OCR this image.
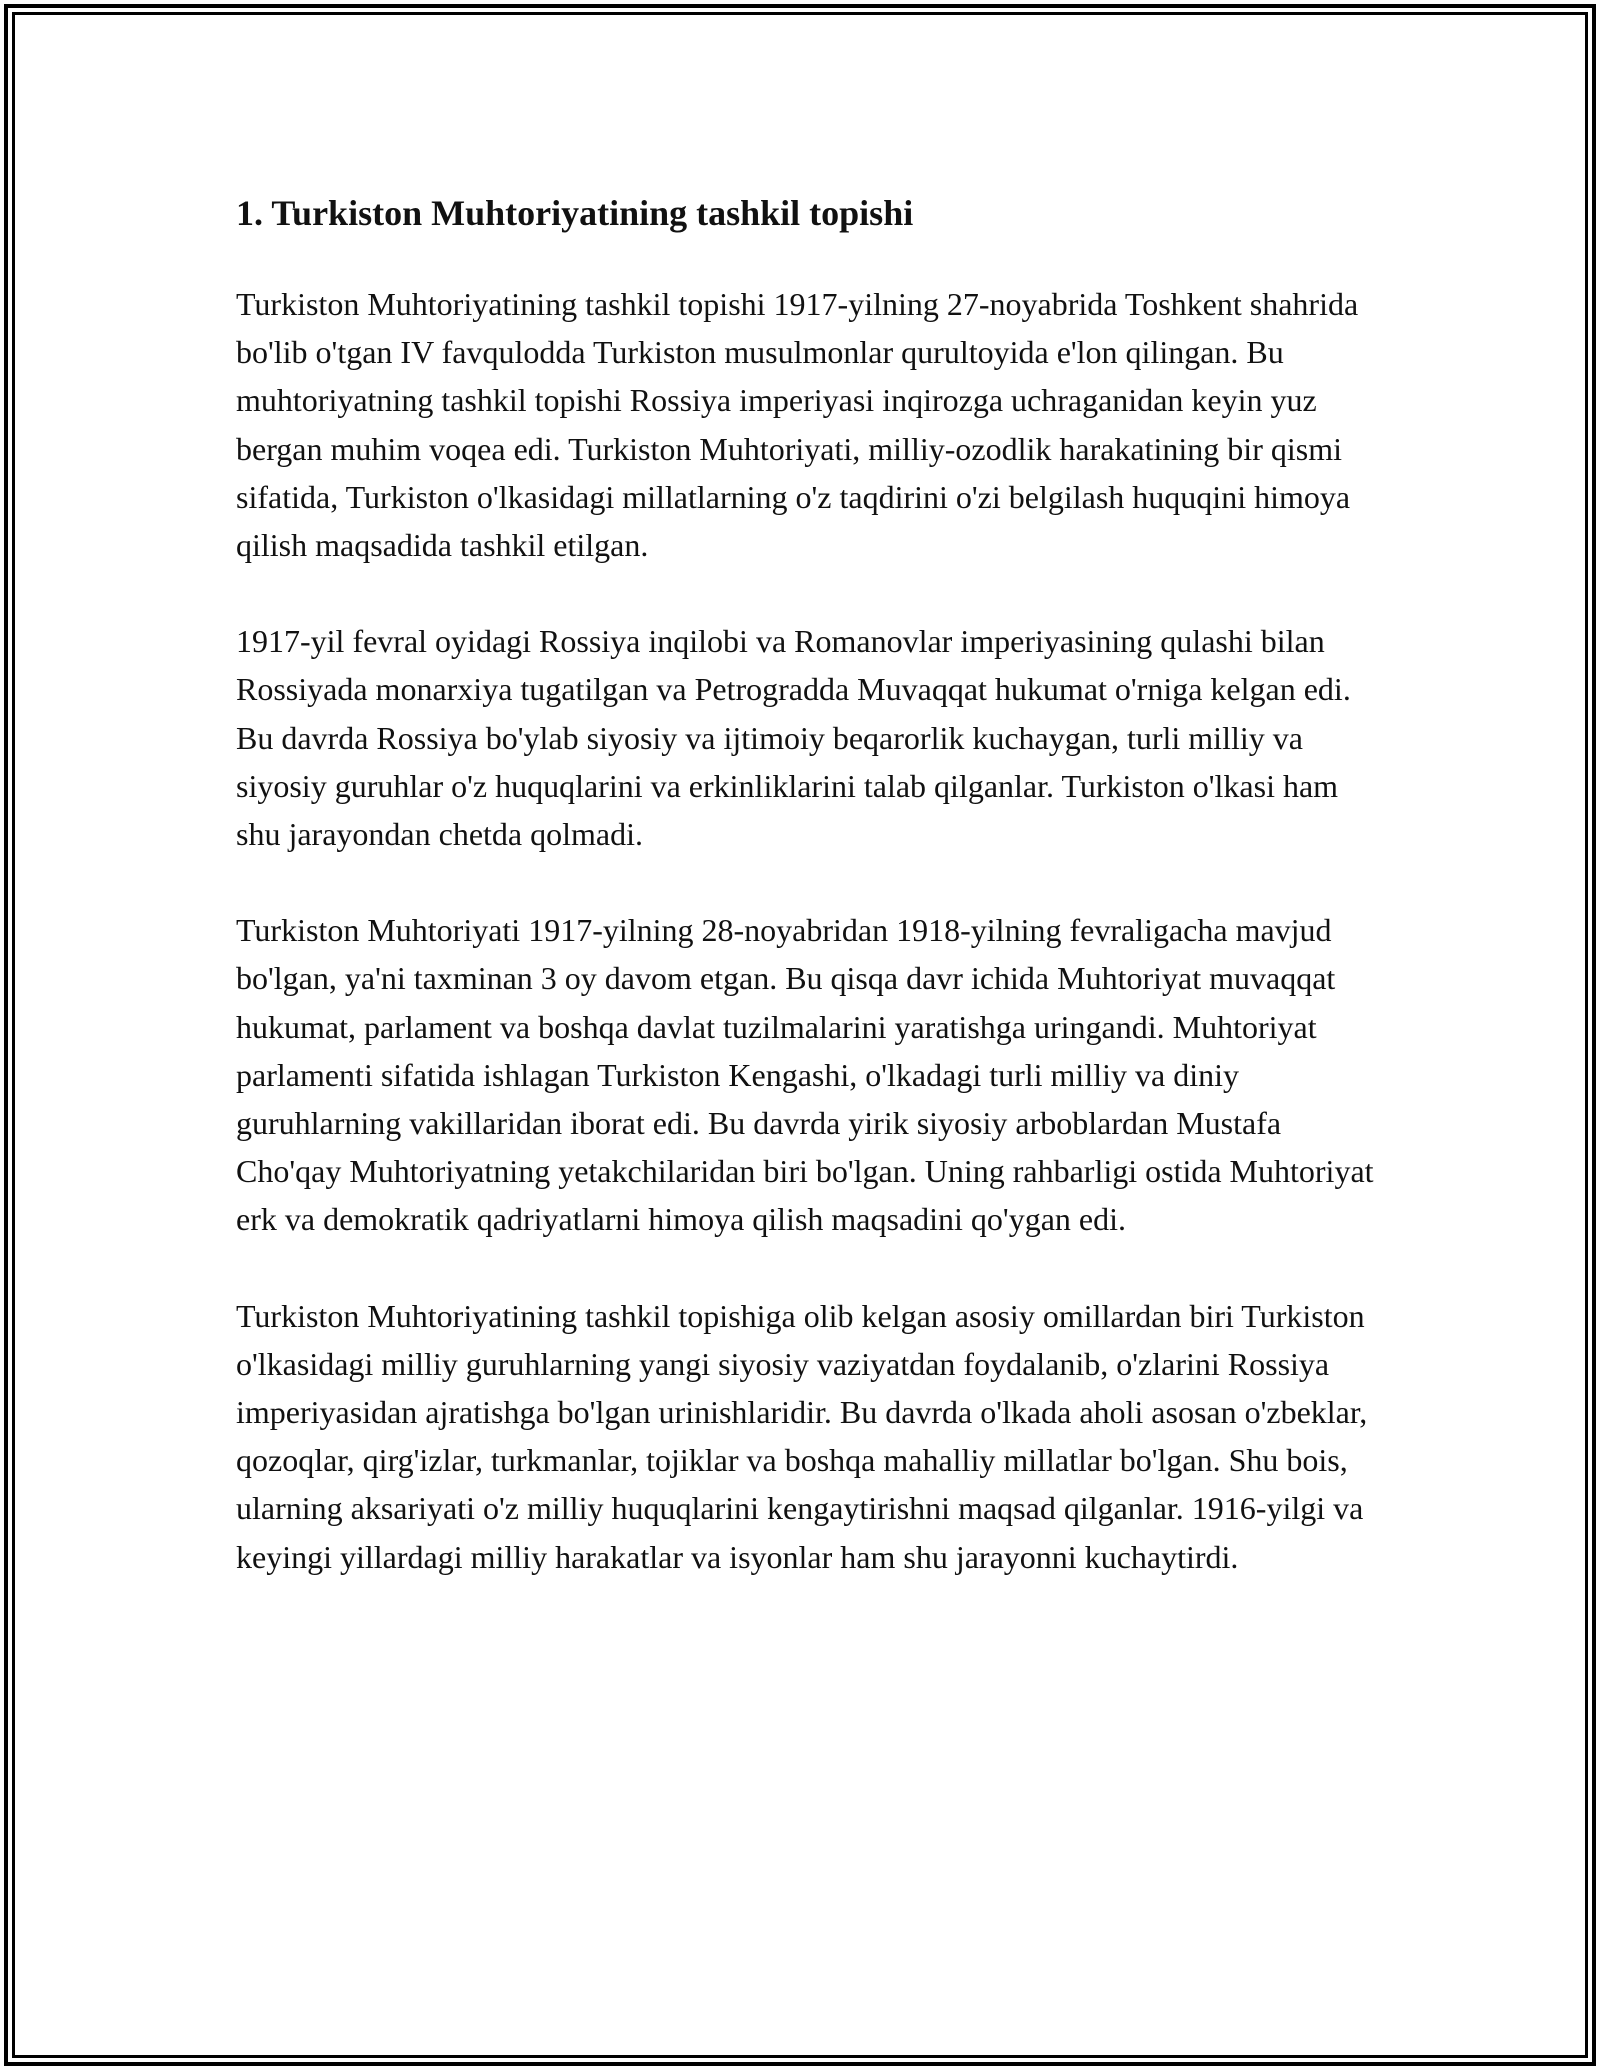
1. Turkiston Muhtoriyatining tashkil topishi

Turkiston Muhtoriyatining tashkil topishi 1917-yilning 27-noyabrida Toshkent shahrida bo'lib o'tgan IV favqulodda Turkiston musulmonlar qurultoyida e'lon qilingan. Bu muhtoriyatning tashkil topishi Rossiya imperiyasi inqirozga uchraganidan keyin yuz bergan muhim voqea edi. Turkiston Muhtoriyati, milliy-ozodlik harakatining bir qismi sifatida, Turkiston o'lkasidagi millatlarning o'z taqdirini o'zi belgilash huquqini himoya qilish maqsadida tashkil etilgan.

1917-yil fevral oyidagi Rossiya inqilobi va Romanovlar imperiyasining qulashi bilan Rossiyada monarxiya tugatilgan va Petrogradda Muvaqqat hukumat o'rniga kelgan edi. Bu davrda Rossiya bo'ylab siyosiy va ijtimoiy beqarorlik kuchaygan, turli milliy va siyosiy guruhlar o'z huquqlarini va erkinliklarini talab qilganlar. Turkiston o'lkasi ham shu jarayondan chetda qolmadi.

Turkiston Muhtoriyati 1917-yilning 28-noyabridan 1918-yilning fevraligacha mavjud bo'lgan, ya'ni taxminan 3 oy davom etgan. Bu qisqa davr ichida Muhtoriyat muvaqqat hukumat, parlament va boshqa davlat tuzilmalarini yaratishga uringandi. Muhtoriyat parlamenti sifatida ishlagan Turkiston Kengashi, o'lkadagi turli milliy va diniy guruhlarning vakillaridan iborat edi. Bu davrda yirik siyosiy arboblardan Mustafa Cho'qay Muhtoriyatning yetakchilaridan biri bo'lgan. Uning rahbarligi ostida Muhtoriyat erk va demokratik qadriyatlarni himoya qilish maqsadini qo'ygan edi.

Turkiston Muhtoriyatining tashkil topishiga olib kelgan asosiy omillardan biri Turkiston o'lkasidagi milliy guruhlarning yangi siyosiy vaziyatdan foydalanib, o'zlarini Rossiya imperiyasidan ajratishga bo'lgan urinishlaridir. Bu davrda o'lkada aholi asosan o'zbeklar, qozoqlar, qirg'izlar, turkmanlar, tojiklar va boshqa mahalliy millatlar bo'lgan. Shu bois, ularning aksariyati o'z milliy huquqlarini kengaytirishni maqsad qilganlar. 1916-yilgi va keyingi yillardagi milliy harakatlar va isyonlar ham shu jarayonni kuchaytirdi.
